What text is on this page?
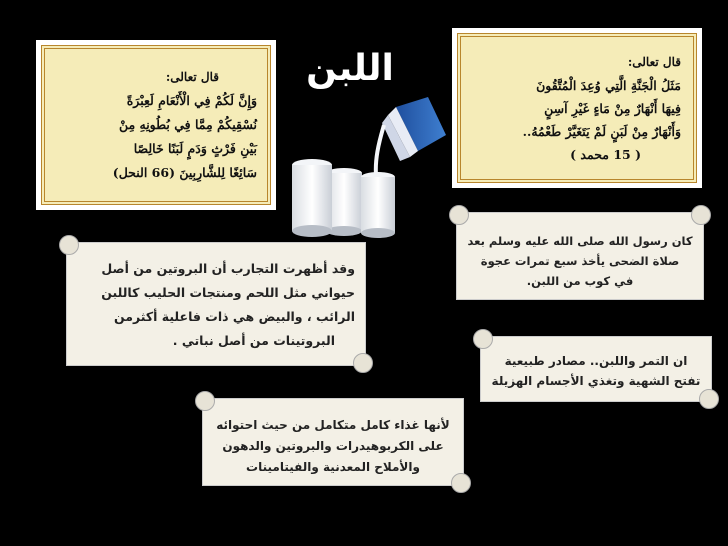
اللبن
قال تعالى:
وَإِنَّ لَكُمْ فِي الْأَنْعَامِ لَعِبْرَةً
نُسْقِيكُمْ مِمَّا فِي بُطُونِهِ مِنْ
بَيْنِ فَرْثٍ وَدَمٍ لَبَنًا خَالِصًا
سَائِغًا لِلشَّارِبِينَ (66 النحل)
قال تعالى:
مَثَلُ الْجَنَّةِ الَّتِي وُعِدَ الْمُتَّقُونَ
فِيهَا أَنْهَارٌ مِنْ مَاءٍ غَيْرِ آسِنٍ
وَأَنْهَارٌ مِنْ لَبَنٍ لَمْ يَتَغَيَّرْ طَعْمُهُ..
( 15 محمد )
كان رسول الله صلى الله عليه وسلم بعد
صلاة الضحى يأخذ سبع تمرات عجوة
في كوب من اللبن.
وقد أظهرت التجارب أن البروتين من أصل
حيواني مثل اللحم ومنتجات الحليب كاللبن
الرائب ، والبيض هي ذات فاعلية أكثرمن
البروتينات من أصل نباتي .
ان التمر واللبن.. مصادر طبيعية
تفتح الشهية وتغذي الأجسام الهزيلة
لأنها غذاء كامل متكامل من حيث احتوائه
على الكربوهيدرات والبروتين والدهون
والأملاح المعدنية والفيتامينات
